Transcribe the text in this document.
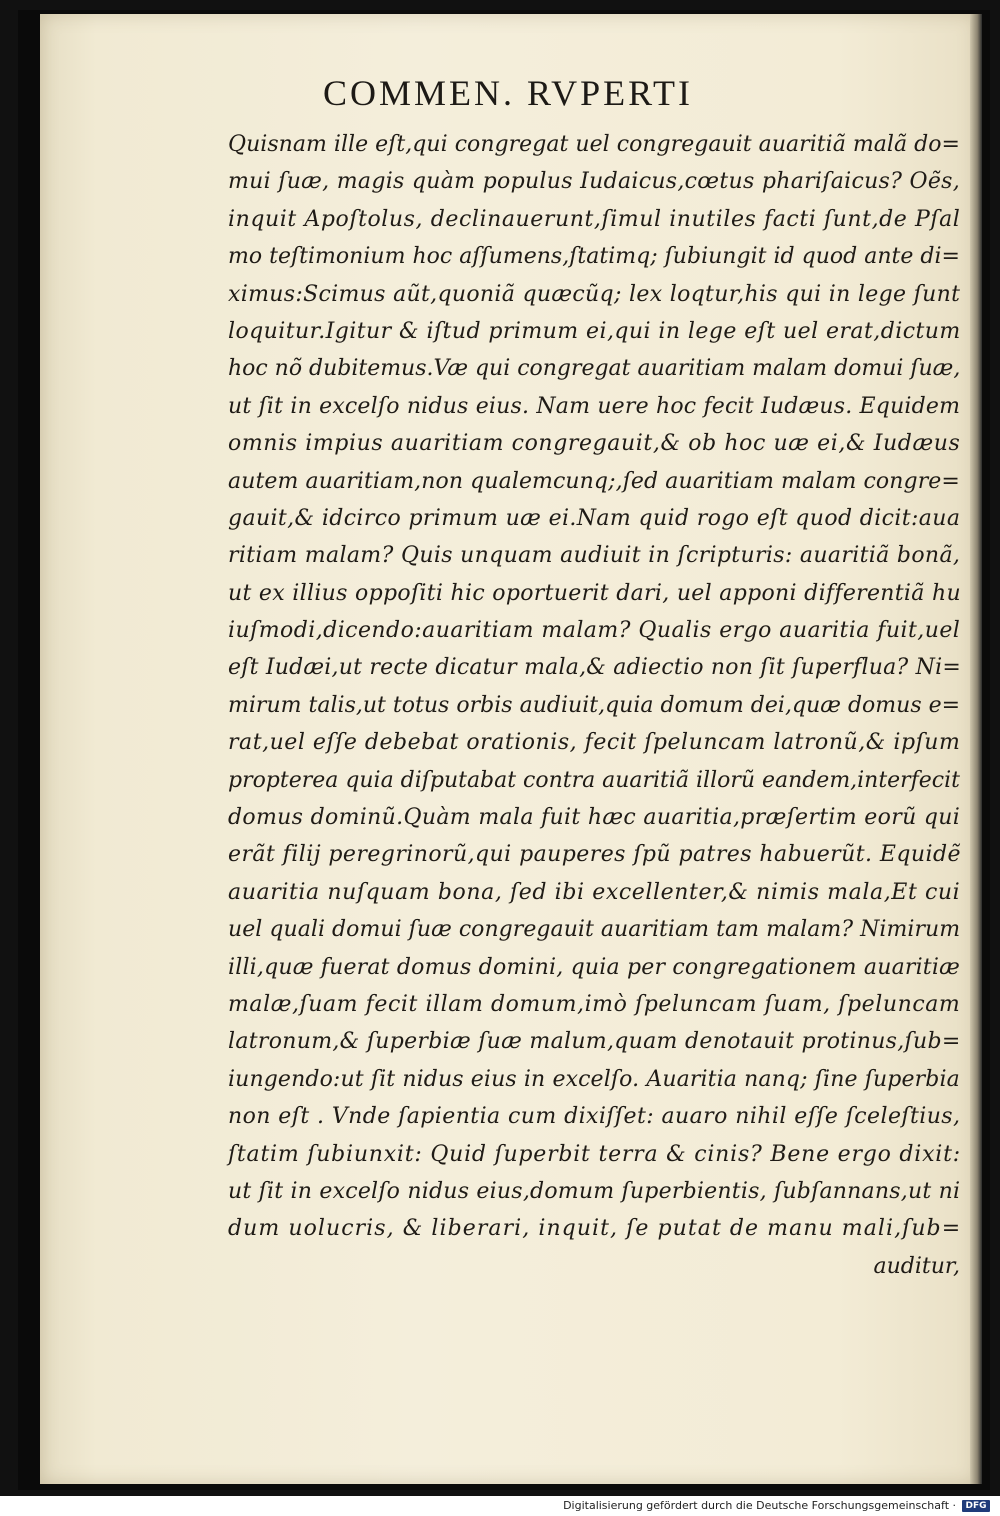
COMMEN. RVPERTI
Quisnam ille eſt,qui congregat uel congregauit auaritiã malã do=
mui ſuæ, magis quàm populus Iudaicus,cœtus phariſaicus? Oẽs,
inquit Apoſtolus, declinauerunt,ſimul inutiles facti ſunt,de Pſal
mo teſtimonium hoc aſſumens,ſtatimq; ſubiungit id quod ante di=
ximus:Scimus aũt,quoniã quæcũq; lex loqtur,his qui in lege ſunt
loquitur.Igitur & iſtud primum ei,qui in lege eſt uel erat,dictum
hoc nõ dubitemus.Væ qui congregat auaritiam malam domui ſuæ,
ut ſit in excelſo nidus eius. Nam uere hoc fecit Iudæus. Equidem
omnis impius auaritiam congregauit,& ob hoc uæ ei,& Iudæus
autem auaritiam,non qualemcunq;,ſed auaritiam malam congre=
gauit,& idcirco primum uæ ei.Nam quid rogo eſt quod dicit:aua
ritiam malam? Quis unquam audiuit in ſcripturis: auaritiã bonã,
ut ex illius oppoſiti hic oportuerit dari, uel apponi differentiã hu
iuſmodi,dicendo:auaritiam malam? Qualis ergo auaritia fuit,uel
eſt Iudæi,ut recte dicatur mala,& adiectio non ſit ſuperflua? Ni=
mirum talis,ut totus orbis audiuit,quia domum dei,quæ domus e=
rat,uel eſſe debebat orationis, fecit ſpeluncam latronũ,& ipſum
propterea quia diſputabat contra auaritiã illorũ eandem,interfecit
domus dominũ.Quàm mala fuit hæc auaritia,præſertim eorũ qui
erãt filij peregrinorũ,qui pauperes ſpũ patres habuerũt. Equidẽ
auaritia nuſquam bona, ſed ibi excellenter,& nimis mala,Et cui
uel quali domui ſuæ congregauit auaritiam tam malam? Nimirum
illi,quæ fuerat domus domini, quia per congregationem auaritiæ
malæ,ſuam fecit illam domum,imò ſpeluncam ſuam, ſpeluncam
latronum,& ſuperbiæ ſuæ malum,quam denotauit protinus,ſub=
iungendo:ut ſit nidus eius in excelſo. Auaritia nanq; ſine ſuperbia
non eſt . Vnde ſapientia cum dixiſſet: auaro nihil eſſe ſceleſtius,
ſtatim ſubiunxit: Quid ſuperbit terra & cinis? Bene ergo dixit:
ut ſit in excelſo nidus eius,domum ſuperbientis, ſubſannans,ut ni
dum uolucris, & liberari, inquit, ſe putat de manu mali,ſub=
auditur,
Digitalisierung gefördert durch die Deutsche Forschungsgemeinschaft ·	DFG
